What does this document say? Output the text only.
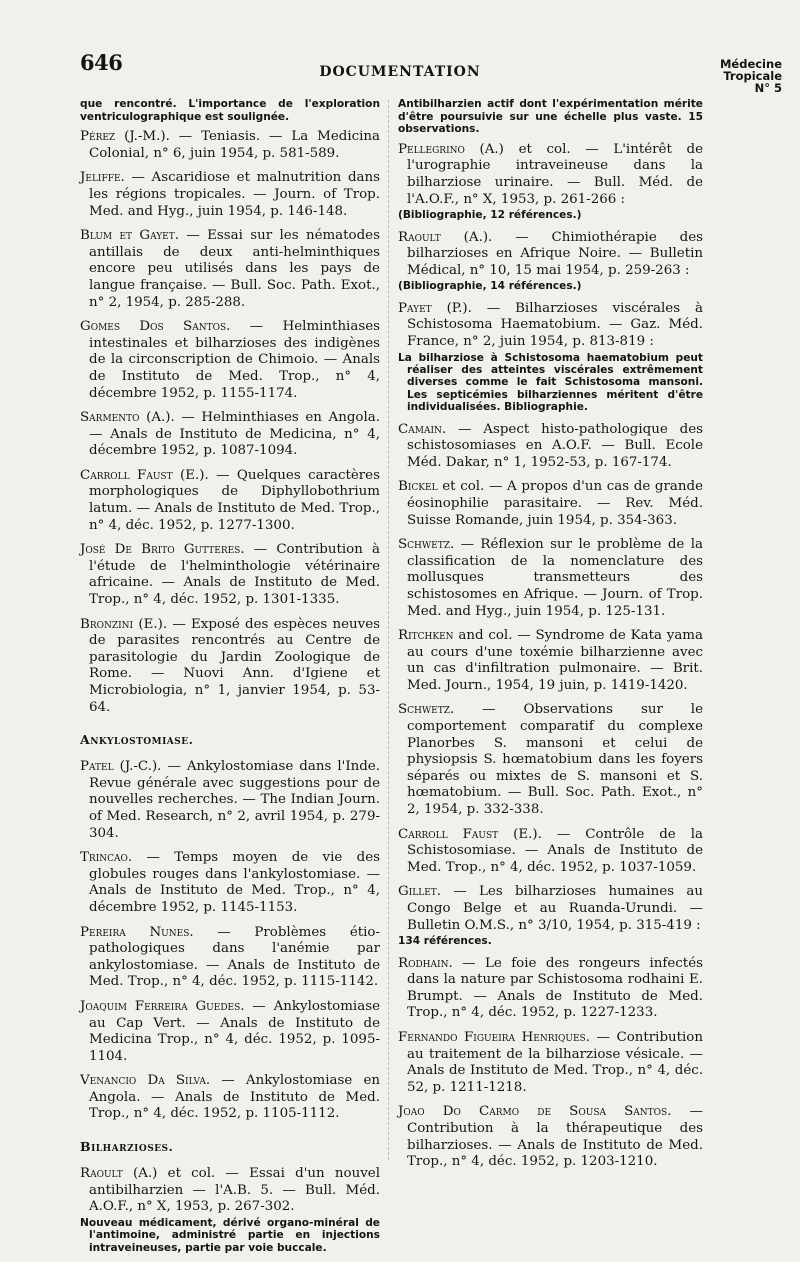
646	DOCUMENTATION	Médecine
Tropicale
N° 5
que rencontré. L'importance de l'exploration ventriculographique est soulignée.
Pérez (J.-M.). — Teniasis. — La Medicina Colonial, n° 6, juin 1954, p. 581-589.
Jeliffe. — Ascaridiose et malnutrition dans les régions tropicales. — Journ. of Trop. Med. and Hyg., juin 1954, p. 146-148.
Blum et Gayet. — Essai sur les nématodes antillais de deux anti-helminthiques encore peu utilisés dans les pays de langue française. — Bull. Soc. Path. Exot., n° 2, 1954, p. 285-288.
Gomes Dos Santos. — Helminthiases intestinales et bilharzioses des indigènes de la circonscription de Chimoio. — Anals de Instituto de Med. Trop., n° 4, décembre 1952, p. 1155-1174.
Sarmento (A.). — Helminthiases en Angola. — Anals de Instituto de Medicina, n° 4, décembre 1952, p. 1087-1094.
Carroll Faust (E.). — Quelques caractères morphologiques de Diphyllobothrium latum. — Anals de Instituto de Med. Trop., n° 4, déc. 1952, p. 1277-1300.
José De Brito Gutteres. — Contribution à l'étude de l'helminthologie vétérinaire africaine. — Anals de Instituto de Med. Trop., n° 4, déc. 1952, p. 1301-1335.
Bronzini (E.). — Exposé des espèces neuves de parasites rencontrés au Centre de parasitologie du Jardin Zoologique de Rome. — Nuovi Ann. d'Igiene et Microbiologia, n° 1, janvier 1954, p. 53-64.
Ankylostomiase.
Patel (J.-C.). — Ankylostomiase dans l'Inde. Revue générale avec suggestions pour de nouvelles recherches. — The Indian Journ. of Med. Research, n° 2, avril 1954, p. 279-304.
Trincao. — Temps moyen de vie des globules rouges dans l'ankylostomiase. — Anals de Instituto de Med. Trop., n° 4, décembre 1952, p. 1145-1153.
Pereira Nunes. — Problèmes étio-pathologiques dans l'anémie par ankylostomiase. — Anals de Instituto de Med. Trop., n° 4, déc. 1952, p. 1115-1142.
Joaquim Ferreira Guedes. — Ankylostomiase au Cap Vert. — Anals de Instituto de Medicina Trop., n° 4, déc. 1952, p. 1095-1104.
Venancio Da Silva. — Ankylostomiase en Angola. — Anals de Instituto de Med. Trop., n° 4, déc. 1952, p. 1105-1112.
Bilharzioses.
Raoult (A.) et col. — Essai d'un nouvel antibilharzien — l'A.B. 5. — Bull. Méd. A.O.F., n° X, 1953, p. 267-302.
Nouveau médicament, dérivé organo-minéral de l'antimoine, administré partie en injections intraveineuses, partie par voie buccale.
Antibilharzien actif dont l'expérimentation mérite d'être poursuivie sur une échelle plus vaste. 15 observations.
Pellegrino (A.) et col. — L'intérêt de l'urographie intraveineuse dans la bilharziose urinaire. — Bull. Méd. de l'A.O.F., n° X, 1953, p. 261-266 :
(Bibliographie, 12 références.)
Raoult (A.). — Chimiothérapie des bilharzioses en Afrique Noire. — Bulletin Médical, n° 10, 15 mai 1954, p. 259-263 :
(Bibliographie, 14 références.)
Payet (P.). — Bilharzioses viscérales à Schistosoma Haematobium. — Gaz. Méd. France, n° 2, juin 1954, p. 813-819 :
La bilharziose à Schistosoma haematobium peut réaliser des atteintes viscérales extrêmement diverses comme le fait Schistosoma mansoni. Les septicémies bilharziennes méritent d'être individualisées. Bibliographie.
Camain. — Aspect histo-pathologique des schistosomiases en A.O.F. — Bull. Ecole Méd. Dakar, n° 1, 1952-53, p. 167-174.
Bickel et col. — A propos d'un cas de grande éosinophilie parasitaire. — Rev. Méd. Suisse Romande, juin 1954, p. 354-363.
Schwetz. — Réflexion sur le problème de la classification de la nomenclature des mollusques transmetteurs des schistosomes en Afrique. — Journ. of Trop. Med. and Hyg., juin 1954, p. 125-131.
Ritchken and col. — Syndrome de Kata yama au cours d'une toxémie bilharzienne avec un cas d'infiltration pulmonaire. — Brit. Med. Journ., 1954, 19 juin, p. 1419-1420.
Schwetz. — Observations sur le comportement comparatif du complexe Planorbes S. mansoni et celui de physiopsis S. hœmatobium dans les foyers séparés ou mixtes de S. mansoni et S. hœmatobium. — Bull. Soc. Path. Exot., n° 2, 1954, p. 332-338.
Carroll Faust (E.). — Contrôle de la Schistosomiase. — Anals de Instituto de Med. Trop., n° 4, déc. 1952, p. 1037-1059.
Gillet. — Les bilharzioses humaines au Congo Belge et au Ruanda-Urundi. — Bulletin O.M.S., n° 3/10, 1954, p. 315-419 :
134 références.
Rodhain. — Le foie des rongeurs infectés dans la nature par Schistosoma rodhaini E. Brumpt. — Anals de Instituto de Med. Trop., n° 4, déc. 1952, p. 1227-1233.
Fernando Figueira Henriques. — Contribution au traitement de la bilharziose vésicale. — Anals de Instituto de Med. Trop., n° 4, déc. 52, p. 1211-1218.
Joao Do Carmo de Sousa Santos. — Contribution à la thérapeutique des bilharzioses. — Anals de Instituto de Med. Trop., n° 4, déc. 1952, p. 1203-1210.
